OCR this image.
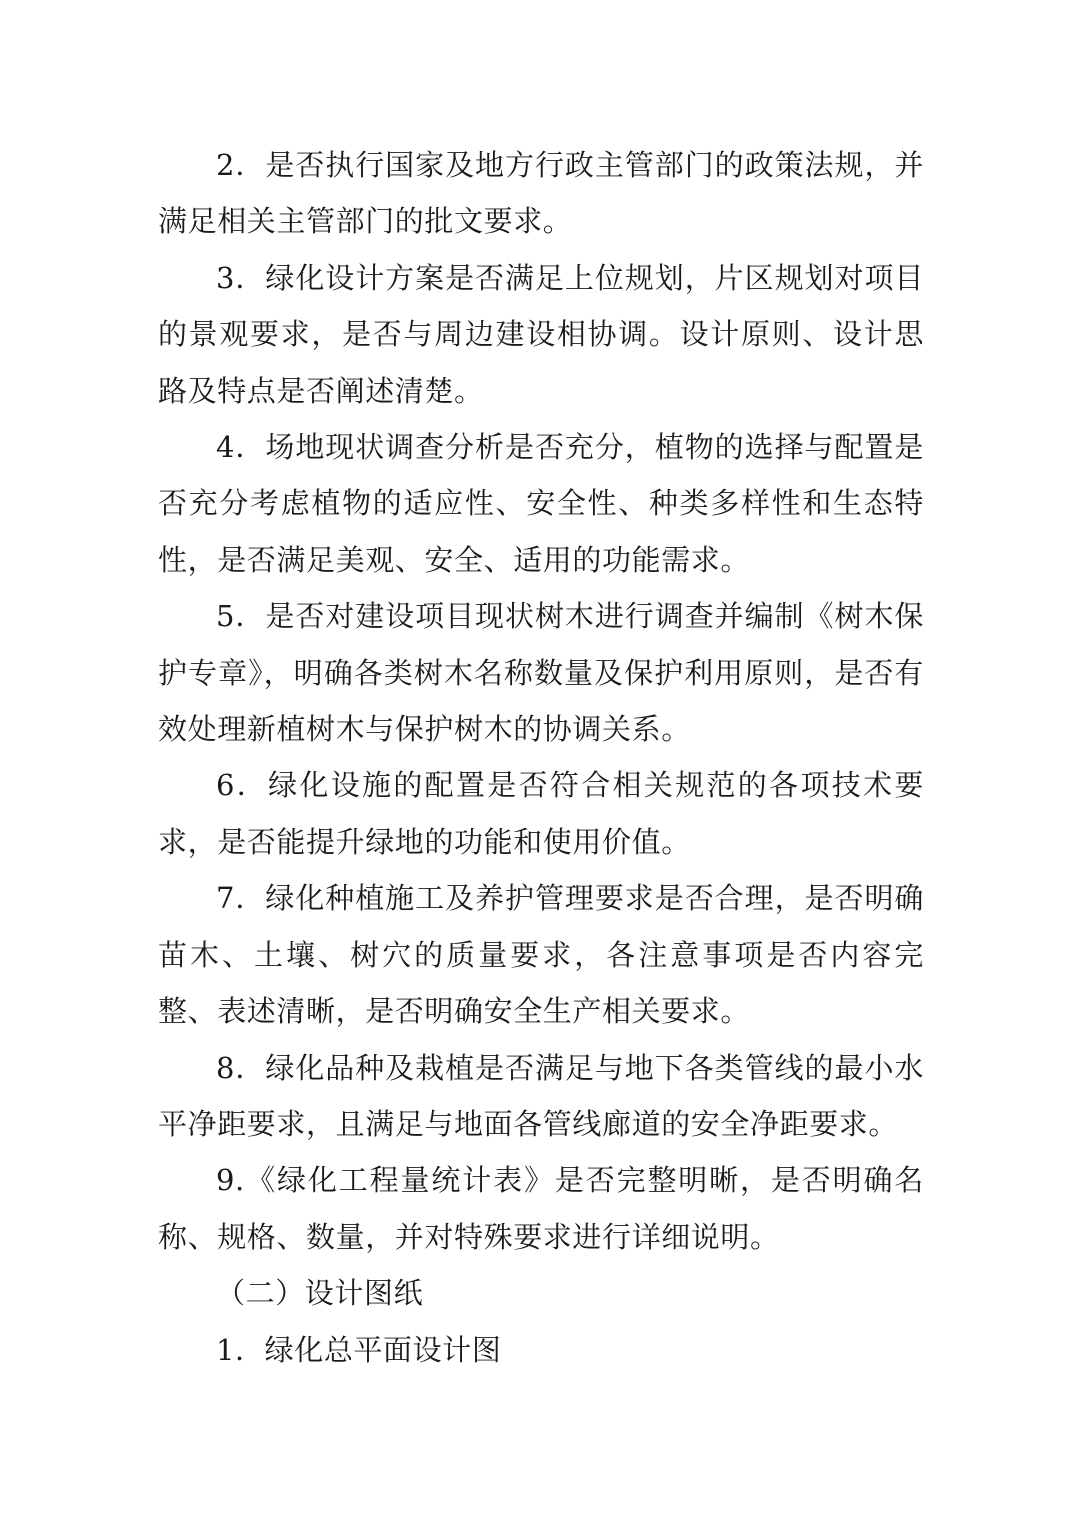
2．是否执行国家及地方行政主管部门的政策法规，并满足相关主管部门的批文要求。

3．绿化设计方案是否满足上位规划，片区规划对项目的景观要求，是否与周边建设相协调。设计原则、设计思路及特点是否阐述清楚。

4．场地现状调查分析是否充分，植物的选择与配置是否充分考虑植物的适应性、安全性、种类多样性和生态特性，是否满足美观、安全、适用的功能需求。

5．是否对建设项目现状树木进行调查并编制《树木保护专章》，明确各类树木名称数量及保护利用原则，是否有效处理新植树木与保护树木的协调关系。

6．绿化设施的配置是否符合相关规范的各项技术要求，是否能提升绿地的功能和使用价值。

7．绿化种植施工及养护管理要求是否合理，是否明确苗木、土壤、树穴的质量要求，各注意事项是否内容完整、表述清晰，是否明确安全生产相关要求。

8．绿化品种及栽植是否满足与地下各类管线的最小水平净距要求，且满足与地面各管线廊道的安全净距要求。

9.《绿化工程量统计表》是否完整明晰，是否明确名称、规格、数量，并对特殊要求进行详细说明。

（二）设计图纸

1．绿化总平面设计图
